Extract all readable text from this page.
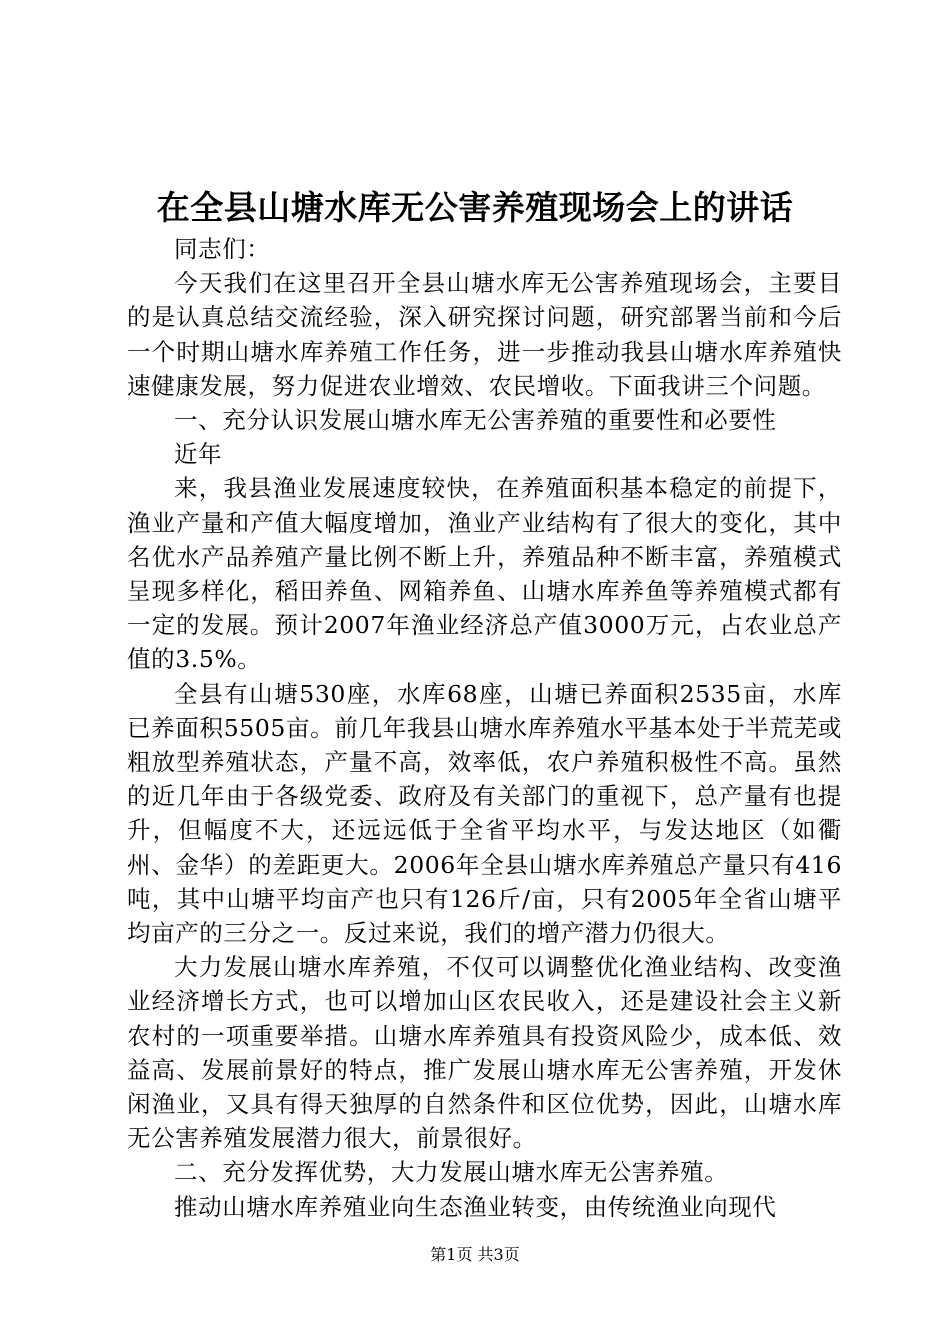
在全县山塘水库无公害养殖现场会上的讲话

同志们：

今天我们在这里召开全县山塘水库无公害养殖现场会，主要目的是认真总结交流经验，深入研究探讨问题，研究部署当前和今后一个时期山塘水库养殖工作任务，进一步推动我县山塘水库养殖快速健康发展，努力促进农业增效、农民增收。下面我讲三个问题。

一、充分认识发展山塘水库无公害养殖的重要性和必要性

近年

来，我县渔业发展速度较快，在养殖面积基本稳定的前提下，渔业产量和产值大幅度增加，渔业产业结构有了很大的变化，其中名优水产品养殖产量比例不断上升，养殖品种不断丰富，养殖模式呈现多样化，稻田养鱼、网箱养鱼、山塘水库养鱼等养殖模式都有一定的发展。预计2007年渔业经济总产值3000万元，占农业总产值的3.5%。

全县有山塘530座，水库68座，山塘已养面积2535亩，水库已养面积5505亩。前几年我县山塘水库养殖水平基本处于半荒芜或粗放型养殖状态，产量不高，效率低，农户养殖积极性不高。虽然的近几年由于各级党委、政府及有关部门的重视下，总产量有也提升，但幅度不大，还远远低于全省平均水平，与发达地区（如衢州、金华）的差距更大。2006年全县山塘水库养殖总产量只有416吨，其中山塘平均亩产也只有126斤/亩，只有2005年全省山塘平均亩产的三分之一。反过来说，我们的增产潜力仍很大。

大力发展山塘水库养殖，不仅可以调整优化渔业结构、改变渔业经济增长方式，也可以增加山区农民收入，还是建设社会主义新农村的一项重要举措。山塘水库养殖具有投资风险少，成本低、效益高、发展前景好的特点，推广发展山塘水库无公害养殖，开发休闲渔业，又具有得天独厚的自然条件和区位优势，因此，山塘水库无公害养殖发展潜力很大，前景很好。

二、充分发挥优势，大力发展山塘水库无公害养殖。

推动山塘水库养殖业向生态渔业转变，由传统渔业向现代

第1页 共3页
